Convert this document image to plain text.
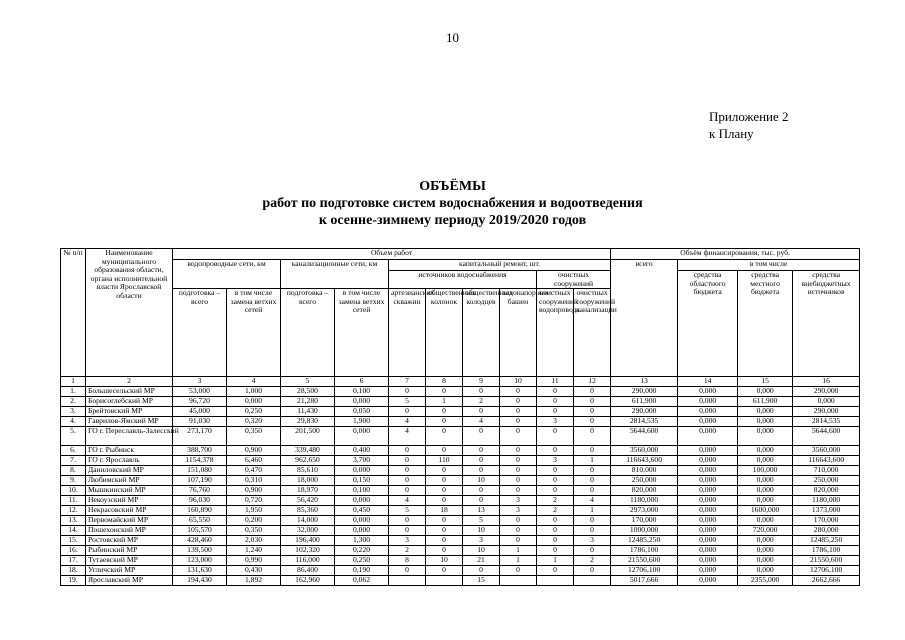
10
Приложение 2
к Плану
ОБЪЁМЫ
работ по подготовке систем водоснабжения и водоотведения
к осенне-зимнему периоду 2019/2020 годов
№ п/п	Наименование муниципального образования области, органа исполнительной власти Ярославской области	Объем работ										Объём финансирования, тыс. руб.			
		водопроводные сети, км		канализационные сети, км		капитальный ремонт, шт.						всего	в том числе		
						источников водоснабжения				очистных сооружений			средства областного бюджета	средства местного бюджета	средства внебюджетных источников
		подготовка – всего	в том числе замена ветхих сетей	подготовка – всего	в том числе замена ветхих сетей	артезианских скважин	общественных колонок	общественных колодцев	водонапорных башен	очистных сооружений водопровода	очистных сооружений канализации				
1	2	3	4	5	6	7	8	9	10	11	12	13	14	15	16
1.	Большесельский МР	53,000	1,000	28,500	0,100	0	0	0	0	0	0	290,000	0,000	0,000	290,000
2.	Борисоглебский МР	96,720	0,000	21,280	0,000	5	1	2	0	0	0	611,900	0,000	611,900	0,000
3.	Брейтовский МР	45,000	0,250	11,430	0,050	0	0	0	0	0	0	290,000	0,000	0,000	290,000
4.	Гаврилов-Ямский МР	91,030	0,320	29,830	1,900	4	0	4	0	3	0	2814,535	0,000	0,000	2814,535
5.	ГО г. Переславль-Залесский	273,170	0,350	201,500	0,000	4	0	0	0	0	0	5644,600	0,000	0,000	5644,600
6.	ГО г. Рыбинск	388,700	0,900	339,480	0,400	0	0	0	0	0	0	3560,000	0,000	0,000	3560,000
7.	ГО г. Ярославль	1154,378	6,460	962,650	3,700	0	110	0	0	3	1	116643,600	0,000	0,000	116643,600
8.	Даниловский МР	151,080	0,470	85,610	0,000	0	0	0	0	0	0	810,000	0,000	100,000	710,000
9.	Любимский МР	107,190	0,310	18,000	0,150	0	0	10	0	0	0	250,000	0,000	0,000	250,000
10.	Мышкинский МР	76,760	0,900	18,970	0,100	0	0	0	0	0	0	820,000	0,000	0,000	820,000
11.	Некоузский МР	96,030	0,720	56,420	0,000	4	0	0	3	2	4	1180,000	0,000	0,000	1180,000
12.	Некрасовский МР	160,890	1,950	85,360	0,450	5	18	13	3	2	1	2973,000	0,000	1600,000	1373,000
13.	Первомайский МР	65,550	0,200	14,000	0,000	0	0	5	0	0	0	170,000	0,000	0,000	170,000
14.	Пошехонский МР	105,570	0,350	32,000	0,000	0	0	10	0	0	0	1000,000	0,000	720,000	280,000
15.	Ростовский МР	428,460	2,030	196,400	1,300	3	0	3	0	0	3	12485,250	0,000	0,000	12485,250
16.	Рыбинский МР	139,500	1,240	102,320	0,220	2	0	10	1	0	0	1786,100	0,000	0,000	1786,100
17.	Тутаевский МР	123,000	0,990	116,000	0,250	8	10	21	1	1	2	21550,600	0,000	0,000	21550,600
18.	Угличский МР	131,630	0,430	86,400	0,190	0	0	0	0	0	0	12706,100	0,000	0,000	12706,100
19.	Ярославский МР	194,430	1,892	162,960	0,062			15				5017,666	0,000	2355,000	2662,666
